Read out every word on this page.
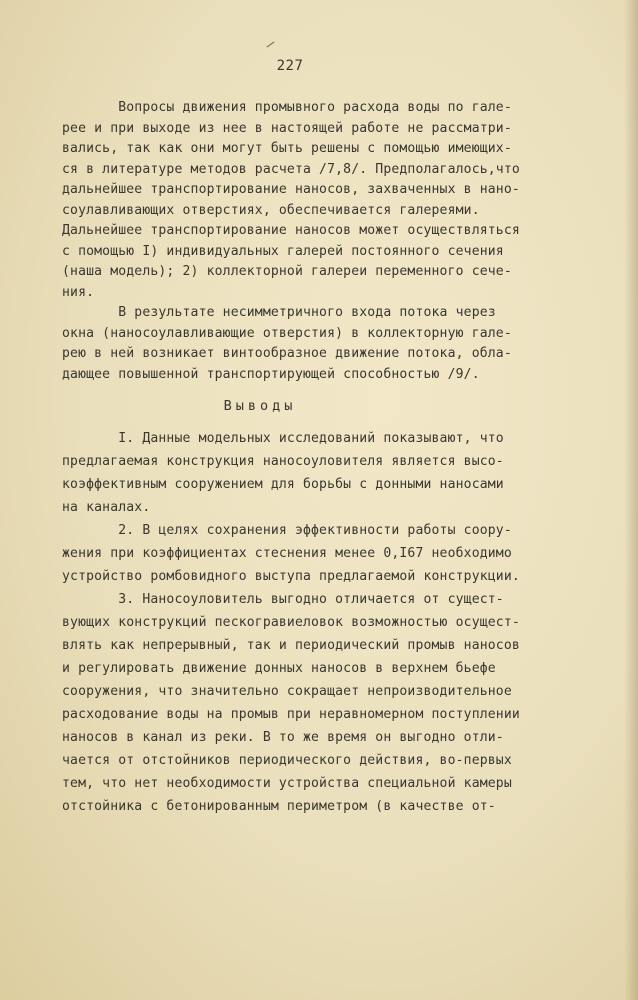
227
Вопросы движения промывного расхода воды по гале-
рее и при выходе из нее в настоящей работе не рассматри-
вались, так как они могут быть решены с помощью имеющих-
ся в литературе методов расчета /7,8/. Предполагалось,что
дальнейшее транспортирование наносов, захваченных в нано-
соулавливающих отверстиях, обеспечивается галереями.
Дальнейшее транспортирование наносов может осуществляться
с помощью I) индивидуальных галерей постоянного сечения
(наша модель); 2) коллекторной галереи переменного сече-
ния.
В результате несимметричного входа потока через
окна (наносоулавливающие отверстия) в коллекторную гале-
рею в ней возникает винтообразное движение потока, обла-
дающее повышенной транспортирующей способностью /9/.
Выводы
I. Данные модельных исследований показывают, что
предлагаемая конструкция наносоуловителя является высо-
коэффективным сооружением для борьбы с донными наносами
на каналах.
2. В целях сохранения эффективности работы соору-
жения при коэффициентах стеснения менее 0,I67 необходимо
устройство ромбовидного выступа предлагаемой конструкции.
3. Наносоуловитель выгодно отличается от сущест-
вующих конструкций пескогравиеловок возможностью осущест-
влять как непрерывный, так и периодический промыв наносов
и регулировать движение донных наносов в верхнем бьефе
сооружения, что значительно сокращает непроизводительное
расходование воды на промыв при неравномерном поступлении
наносов в канал из реки. В то же время он выгодно отли-
чается от отстойников периодического действия, во-первых
тем, что нет необходимости устройства специальной камеры
отстойника с бетонированным периметром (в качестве от-
